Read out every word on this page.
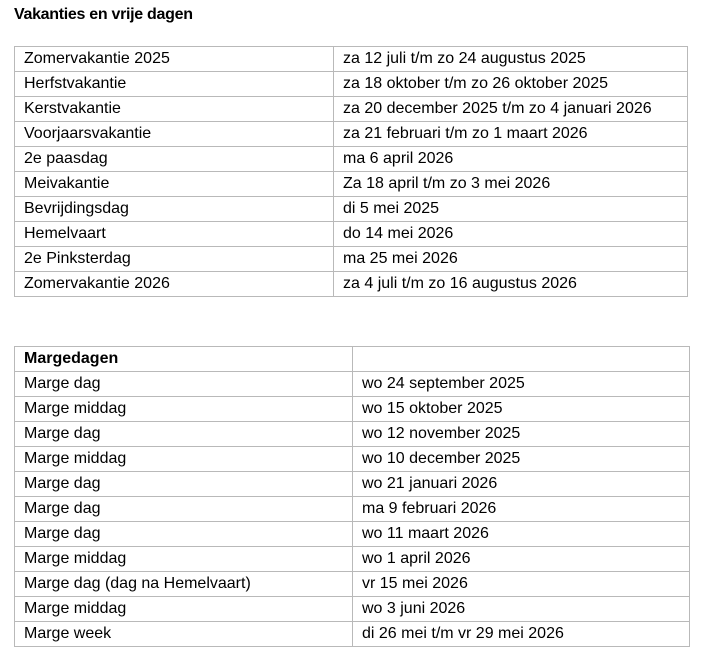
Vakanties en vrije dagen
Zomervakantie 2025	za 12 juli t/m zo 24 augustus 2025
Herfstvakantie	za 18 oktober t/m zo 26 oktober 2025
Kerstvakantie	za 20 december 2025 t/m zo 4 januari 2026
Voorjaarsvakantie	za 21 februari t/m zo 1 maart 2026
2e paasdag	ma 6 april 2026
Meivakantie	Za 18 april t/m zo 3 mei 2026
Bevrijdingsdag	di 5 mei 2025
Hemelvaart	do 14 mei 2026
2e Pinksterdag	ma 25 mei 2026
Zomervakantie 2026	za 4 juli t/m zo 16 augustus 2026
Margedagen	
Marge dag	wo 24 september 2025
Marge middag	wo 15 oktober 2025
Marge dag	wo 12 november 2025
Marge middag	wo 10 december 2025
Marge dag	wo 21 januari 2026
Marge dag	ma 9 februari 2026
Marge dag	wo 11 maart 2026
Marge middag	wo 1 april 2026
Marge dag (dag na Hemelvaart)	vr 15 mei 2026
Marge middag	wo 3 juni 2026
Marge week	di 26 mei t/m vr 29 mei 2026
